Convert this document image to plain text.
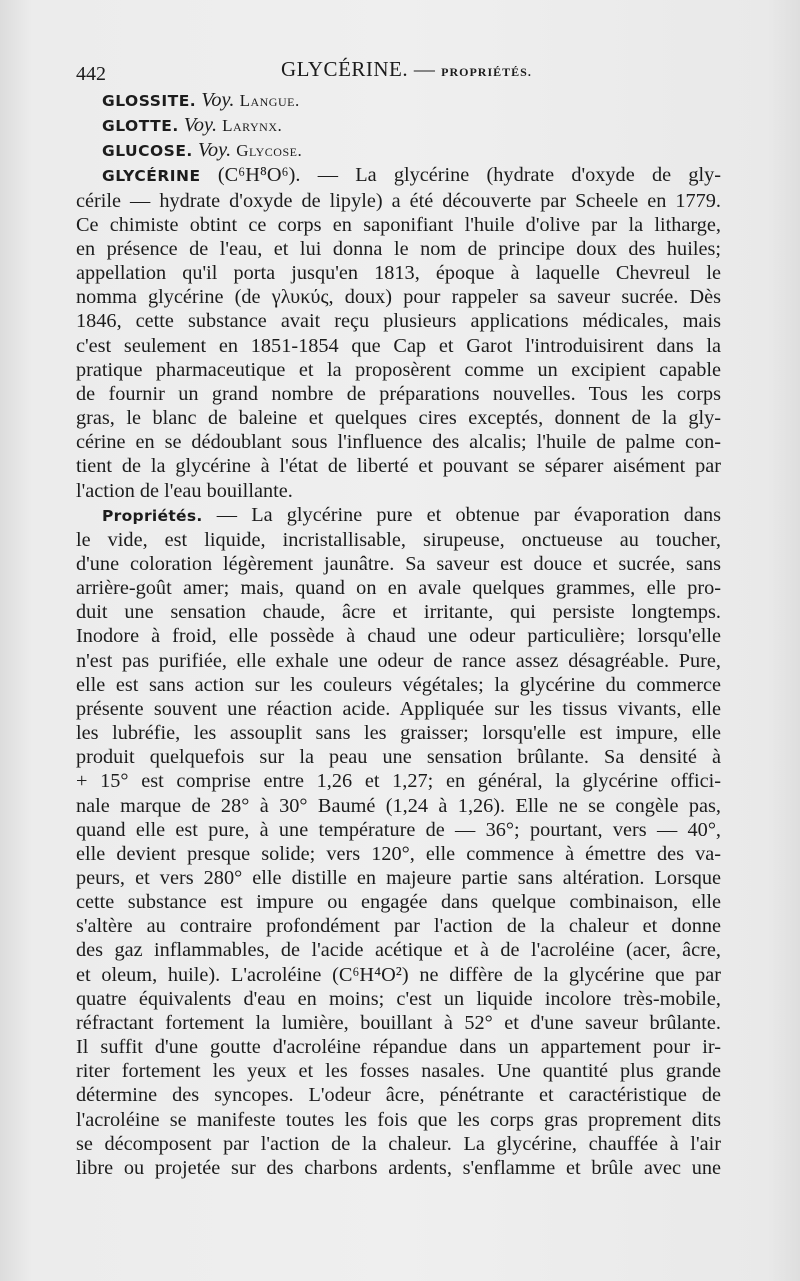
442	GLYCÉRINE. — PROPRIÉTÉS.

GLOSSITE. Voy. Langue.

GLOTTE. Voy. Larynx.

GLUCOSE. Voy. Glycose.

GLYCÉRINE (C⁶H⁸O⁶). — La glycérine (hydrate d'oxyde de gly-
cérile — hydrate d'oxyde de lipyle) a été découverte par Scheele en 1779.
Ce chimiste obtint ce corps en saponifiant l'huile d'olive par la litharge,
en présence de l'eau, et lui donna le nom de principe doux des huiles;
appellation qu'il porta jusqu'en 1813, époque à laquelle Chevreul le
nomma glycérine (de γλυκύς, doux) pour rappeler sa saveur sucrée. Dès
1846, cette substance avait reçu plusieurs applications médicales, mais
c'est seulement en 1851-1854 que Cap et Garot l'introduisirent dans la
pratique pharmaceutique et la proposèrent comme un excipient capable
de fournir un grand nombre de préparations nouvelles. Tous les corps
gras, le blanc de baleine et quelques cires exceptés, donnent de la gly-
cérine en se dédoublant sous l'influence des alcalis; l'huile de palme con-
tient de la glycérine à l'état de liberté et pouvant se séparer aisément par
l'action de l'eau bouillante.
Propriétés. — La glycérine pure et obtenue par évaporation dans
le vide, est liquide, incristallisable, sirupeuse, onctueuse au toucher,
d'une coloration légèrement jaunâtre. Sa saveur est douce et sucrée, sans
arrière-goût amer; mais, quand on en avale quelques grammes, elle pro-
duit une sensation chaude, âcre et irritante, qui persiste longtemps.
Inodore à froid, elle possède à chaud une odeur particulière; lorsqu'elle
n'est pas purifiée, elle exhale une odeur de rance assez désagréable. Pure,
elle est sans action sur les couleurs végétales; la glycérine du commerce
présente souvent une réaction acide. Appliquée sur les tissus vivants, elle
les lubréfie, les assouplit sans les graisser; lorsqu'elle est impure, elle
produit quelquefois sur la peau une sensation brûlante. Sa densité à
+ 15° est comprise entre 1,26 et 1,27; en général, la glycérine offici-
nale marque de 28° à 30° Baumé (1,24 à 1,26). Elle ne se congèle pas,
quand elle est pure, à une température de — 36°; pourtant, vers — 40°,
elle devient presque solide; vers 120°, elle commence à émettre des va-
peurs, et vers 280° elle distille en majeure partie sans altération. Lorsque
cette substance est impure ou engagée dans quelque combinaison, elle
s'altère au contraire profondément par l'action de la chaleur et donne
des gaz inflammables, de l'acide acétique et à de l'acroléine (acer, âcre,
et oleum, huile). L'acroléine (C⁶H⁴O²) ne diffère de la glycérine que par
quatre équivalents d'eau en moins; c'est un liquide incolore très-mobile,
réfractant fortement la lumière, bouillant à 52° et d'une saveur brûlante.
Il suffit d'une goutte d'acroléine répandue dans un appartement pour ir-
riter fortement les yeux et les fosses nasales. Une quantité plus grande
détermine des syncopes. L'odeur âcre, pénétrante et caractéristique de
l'acroléine se manifeste toutes les fois que les corps gras proprement dits
se décomposent par l'action de la chaleur. La glycérine, chauffée à l'air
libre ou projetée sur des charbons ardents, s'enflamme et brûle avec une
